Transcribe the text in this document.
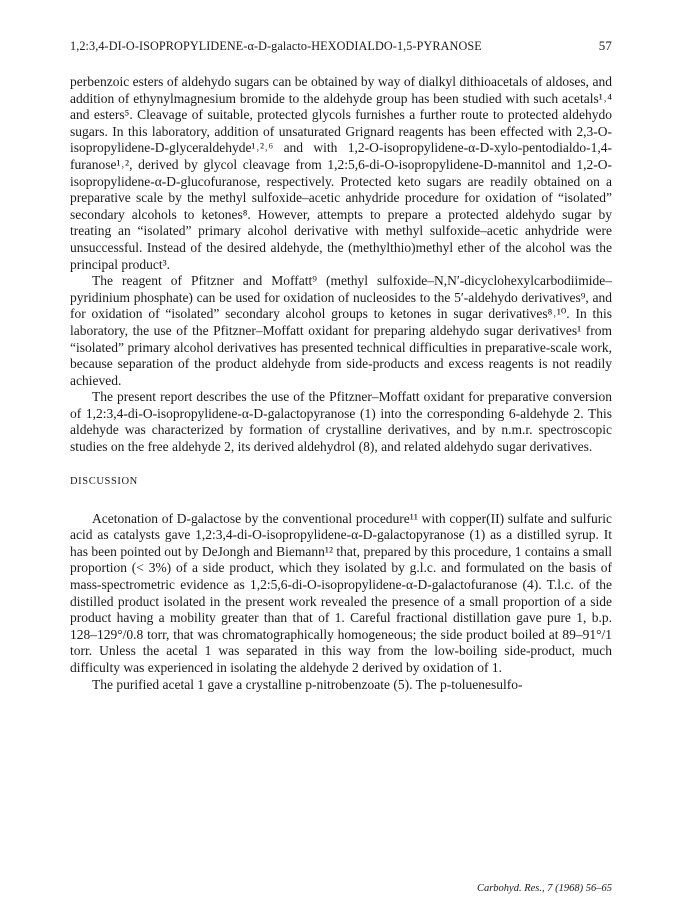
1,2:3,4-DI-O-ISOPROPYLIDENE-α-D-galacto-HEXODIALDO-1,5-PYRANOSE	57

perbenzoic esters of aldehydo sugars can be obtained by way of dialkyl dithioacetals of aldoses, and addition of ethynylmagnesium bromide to the aldehyde group has been studied with such acetals¹˒⁴ and esters⁵. Cleavage of suitable, protected glycols furnishes a further route to protected aldehydo sugars. In this laboratory, addition of unsaturated Grignard reagents has been effected with 2,3-O-isopropylidene-D-glyceraldehyde¹˒²˒⁶ and with 1,2-O-isopropylidene-α-D-xylo-pentodialdo-1,4-furanose¹˒², derived by glycol cleavage from 1,2:5,6-di-O-isopropylidene-D-mannitol and 1,2-O-isopropylidene-α-D-glucofuranose, respectively. Protected keto sugars are readily obtained on a preparative scale by the methyl sulfoxide–acetic anhydride procedure for oxidation of “isolated” secondary alcohols to ketones⁸. However, attempts to prepare a protected aldehydo sugar by treating an “isolated” primary alcohol derivative with methyl sulfoxide–acetic anhydride were unsuccessful. Instead of the desired aldehyde, the (methylthio)methyl ether of the alcohol was the principal product³.

The reagent of Pfitzner and Moffatt⁹ (methyl sulfoxide–N,N′-dicyclohexylcarbodiimide–pyridinium phosphate) can be used for oxidation of nucleosides to the 5′-aldehydo derivatives⁹, and for oxidation of “isolated” secondary alcohol groups to ketones in sugar derivatives⁸˒¹⁰. In this laboratory, the use of the Pfitzner–Moffatt oxidant for preparing aldehydo sugar derivatives¹ from “isolated” primary alcohol derivatives has presented technical difficulties in preparative-scale work, because separation of the product aldehyde from side-products and excess reagents is not readily achieved.

The present report describes the use of the Pfitzner–Moffatt oxidant for preparative conversion of 1,2:3,4-di-O-isopropylidene-α-D-galactopyranose (1) into the corresponding 6-aldehyde 2. This aldehyde was characterized by formation of crystalline derivatives, and by n.m.r. spectroscopic studies on the free aldehyde 2, its derived aldehydrol (8), and related aldehydo sugar derivatives.

DISCUSSION

Acetonation of D-galactose by the conventional procedure¹¹ with copper(II) sulfate and sulfuric acid as catalysts gave 1,2:3,4-di-O-isopropylidene-α-D-galactopyranose (1) as a distilled syrup. It has been pointed out by DeJongh and Biemann¹² that, prepared by this procedure, 1 contains a small proportion (< 3%) of a side product, which they isolated by g.l.c. and formulated on the basis of mass-spectrometric evidence as 1,2:5,6-di-O-isopropylidene-α-D-galactofuranose (4). T.l.c. of the distilled product isolated in the present work revealed the presence of a small proportion of a side product having a mobility greater than that of 1. Careful fractional distillation gave pure 1, b.p. 128–129°/0.8 torr, that was chromatographically homogeneous; the side product boiled at 89–91°/1 torr. Unless the acetal 1 was separated in this way from the low-boiling side-product, much difficulty was experienced in isolating the aldehyde 2 derived by oxidation of 1.

The purified acetal 1 gave a crystalline p-nitrobenzoate (5). The p-toluenesulfo-

Carbohyd. Res., 7 (1968) 56–65
